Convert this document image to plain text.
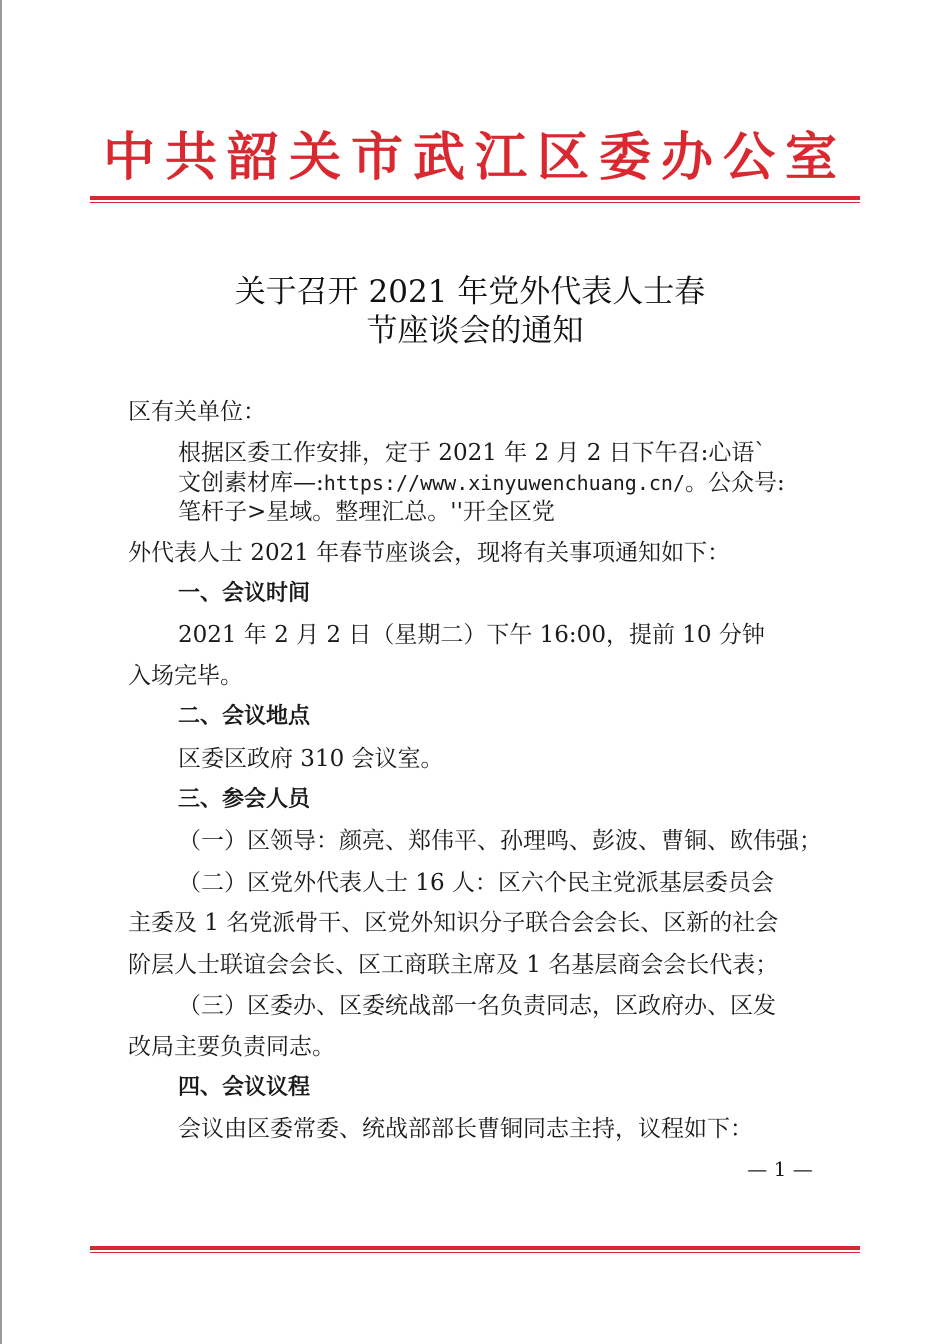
中共韶关市武江区委办公室
关于召开 2021 年党外代表人士春
节座谈会的通知
区有关单位：
根据区委工作安排，定于 2021 年 2 月 2 日下午召:心语`
文创素材库—:https://www.xinyuwenchuang.cn/。公众号:
笔杆子>星域。整理汇总。''开全区党
外代表人士 2021 年春节座谈会，现将有关事项通知如下：
一、会议时间
2021 年 2 月 2 日（星期二）下午 16:00，提前 10 分钟
入场完毕。
二、会议地点
区委区政府 310 会议室。
三、参会人员
（一）区领导：颜亮、郑伟平、孙理鸣、彭波、曹铜、欧伟强；
（二）区党外代表人士 16 人：区六个民主党派基层委员会
主委及 1 名党派骨干、区党外知识分子联合会会长、区新的社会
阶层人士联谊会会长、区工商联主席及 1 名基层商会会长代表；
（三）区委办、区委统战部一名负责同志，区政府办、区发
改局主要负责同志。
四、会议议程
会议由区委常委、统战部部长曹铜同志主持，议程如下：
— 1 —
